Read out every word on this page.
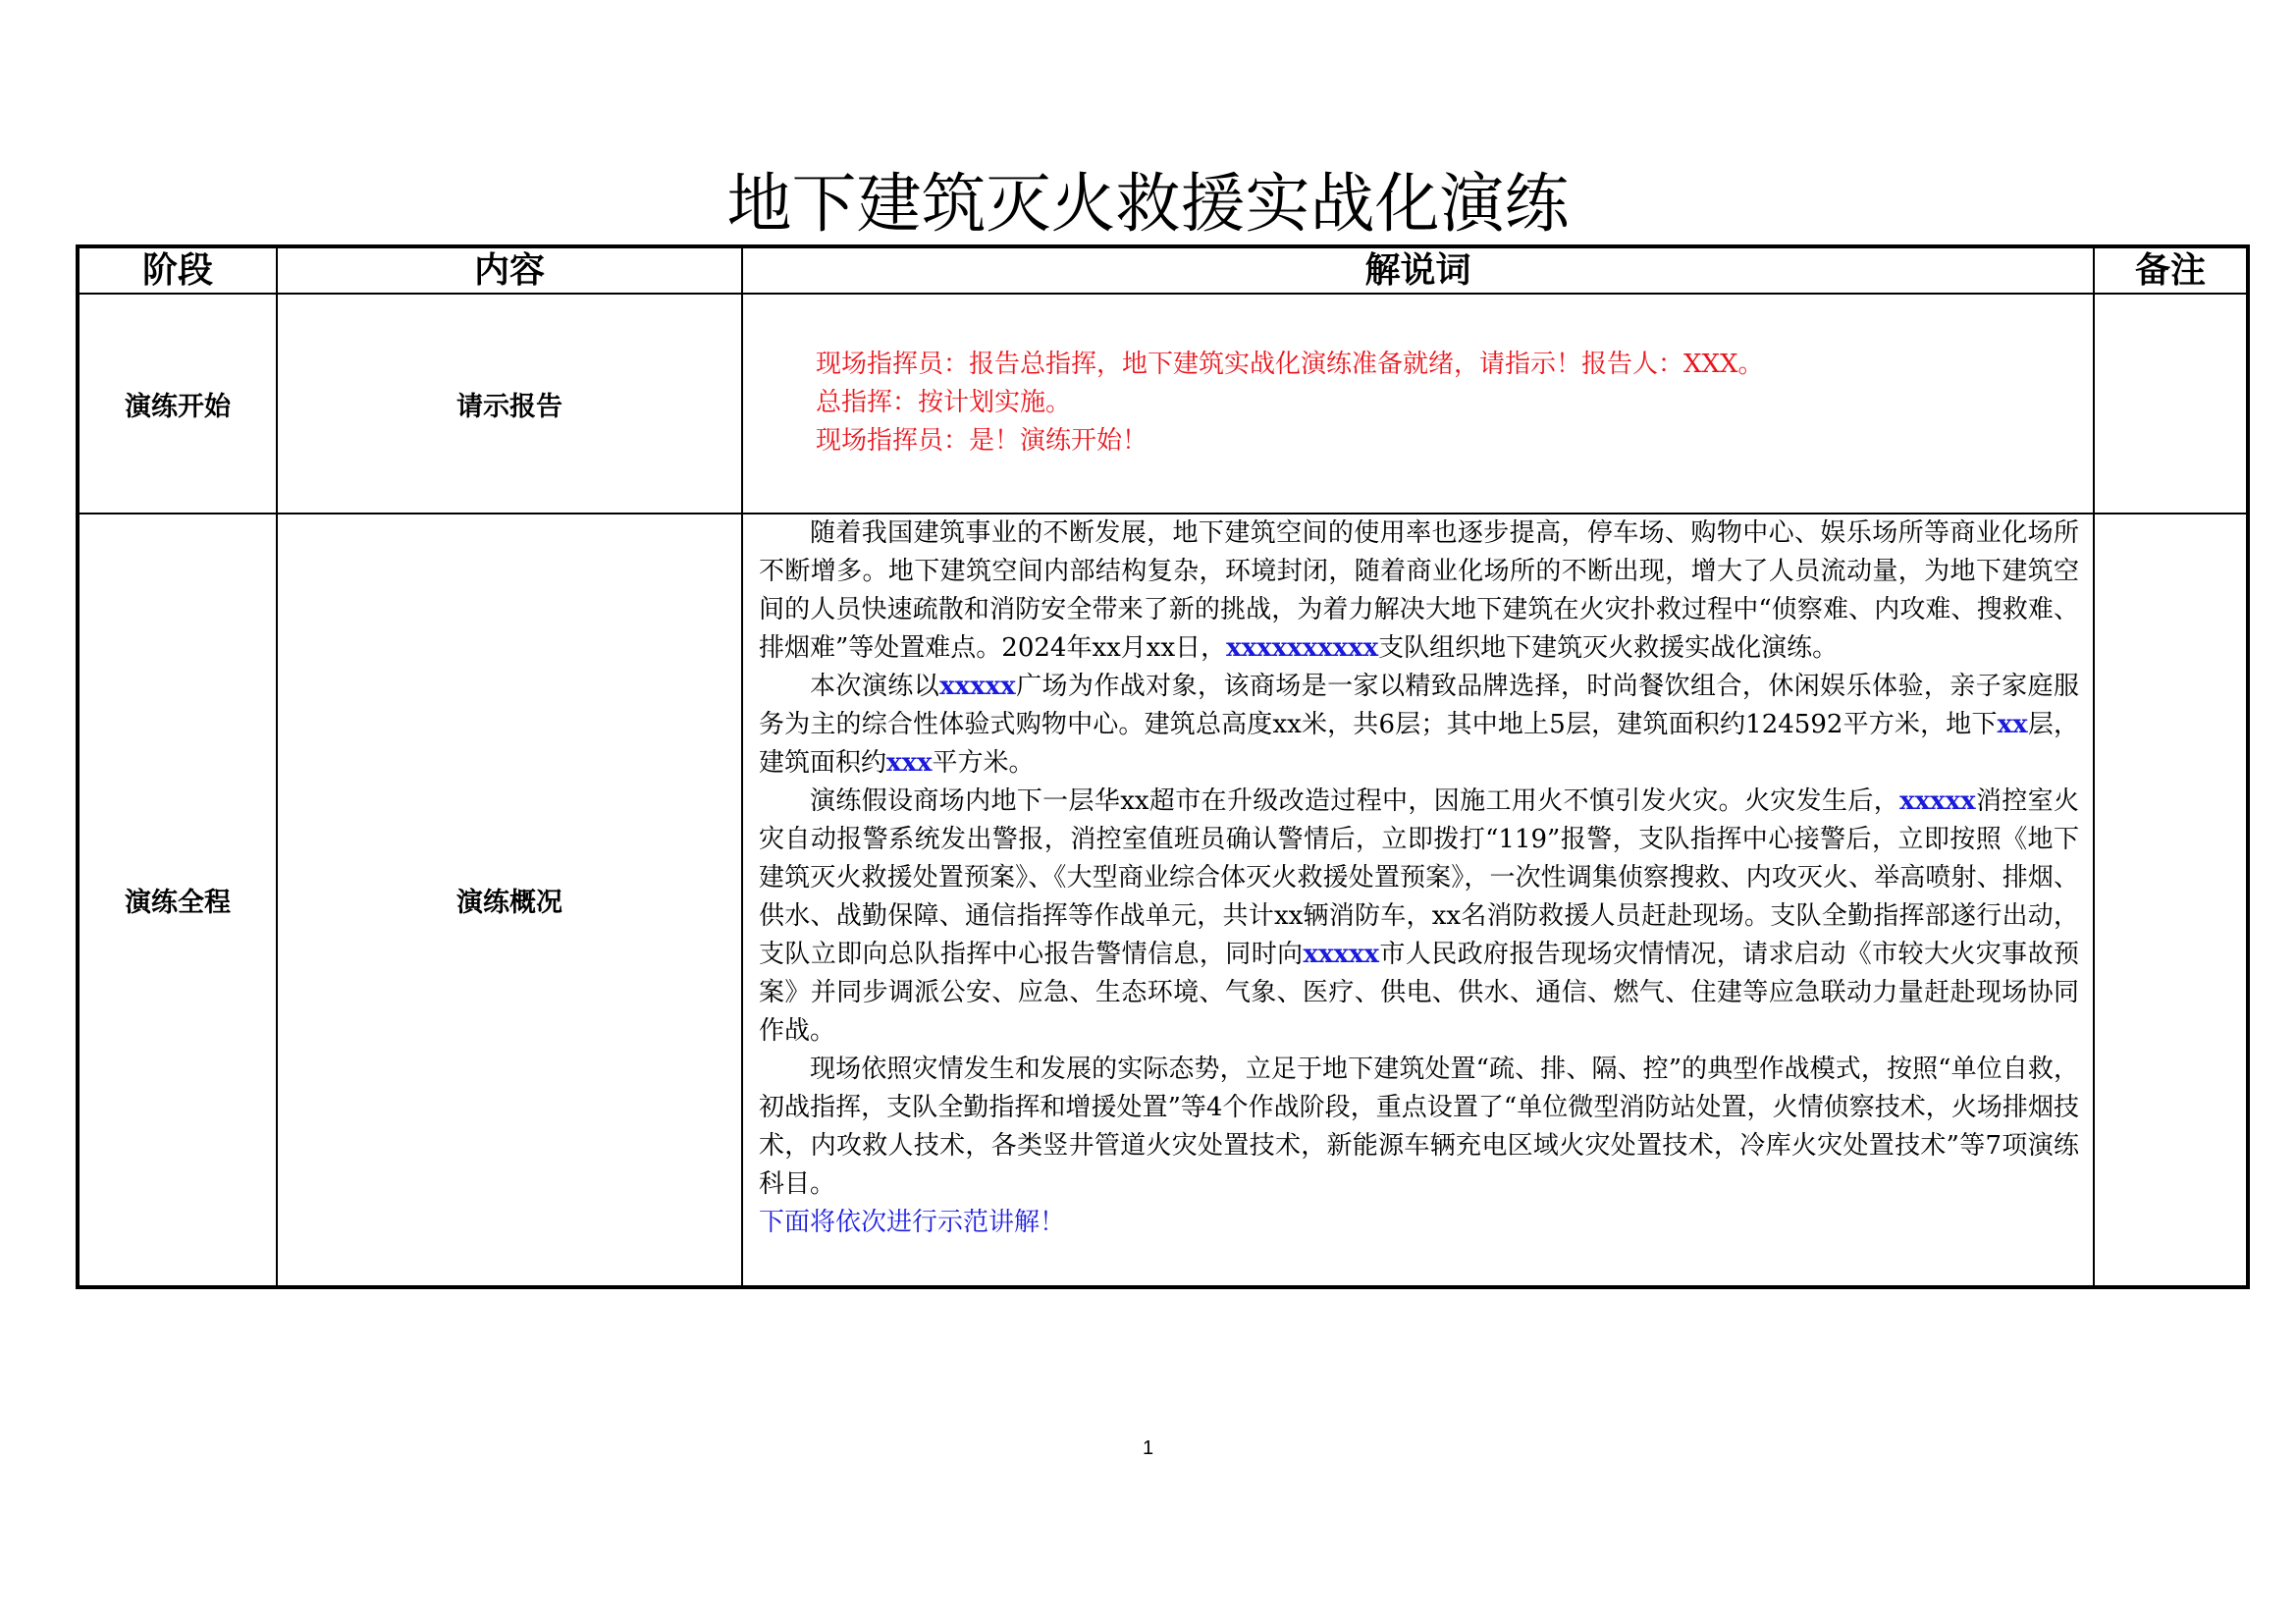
地下建筑灭火救援实战化演练
阶段	内容	解说词	备注
演练开始	请示报告	现场指挥员：报告总指挥，地下建筑实战化演练准备就绪，请指示！报告人：XXX。

总指挥：按计划实施。

现场指挥员：是！演练开始！	

演练全程	演练概况	随着我国建筑事业的不断发展，地下建筑空间的使用率也逐步提高，停车场、购物中心、娱乐场所等商业化场所不断增多。地下建筑空间内部结构复杂，环境封闭，随着商业化场所的不断出现，增大了人员流动量，为地下建筑空间的人员快速疏散和消防安全带来了新的挑战，为着力解决大地下建筑在火灾扑救过程中“侦察难、内攻难、搜救难、排烟难”等处置难点。2024年xx月xx日，xxxxxxxxxx支队组织地下建筑灭火救援实战化演练。

本次演练以xxxxx广场为作战对象，该商场是一家以精致品牌选择，时尚餐饮组合，休闲娱乐体验，亲子家庭服务为主的综合性体验式购物中心。建筑总高度xx米，共6层；其中地上5层，建筑面积约124592平方米，地下xx层，建筑面积约xxx平方米。

演练假设商场内地下一层华xx超市在升级改造过程中，因施工用火不慎引发火灾。火灾发生后，xxxxx消控室火灾自动报警系统发出警报，消控室值班员确认警情后，立即拨打“119”报警，支队指挥中心接警后，立即按照《地下建筑灭火救援处置预案》、《大型商业综合体灭火救援处置预案》，一次性调集侦察搜救、内攻灭火、举高喷射、排烟、供水、战勤保障、通信指挥等作战单元，共计xx辆消防车，xx名消防救援人员赶赴现场。支队全勤指挥部遂行出动，支队立即向总队指挥中心报告警情信息，同时向xxxxx市人民政府报告现场灾情情况，请求启动《市较大火灾事故预案》并同步调派公安、应急、生态环境、气象、医疗、供电、供水、通信、燃气、住建等应急联动力量赶赴现场协同作战。

现场依照灾情发生和发展的实际态势，立足于地下建筑处置“疏、排、隔、控”的典型作战模式，按照“单位自救，初战指挥，支队全勤指挥和增援处置”等4个作战阶段，重点设置了“单位微型消防站处置，火情侦察技术，火场排烟技术，内攻救人技术，各类竖井管道火灾处置技术，新能源车辆充电区域火灾处置技术，冷库火灾处置技术”等7项演练科目。

下面将依次进行示范讲解！	

1
